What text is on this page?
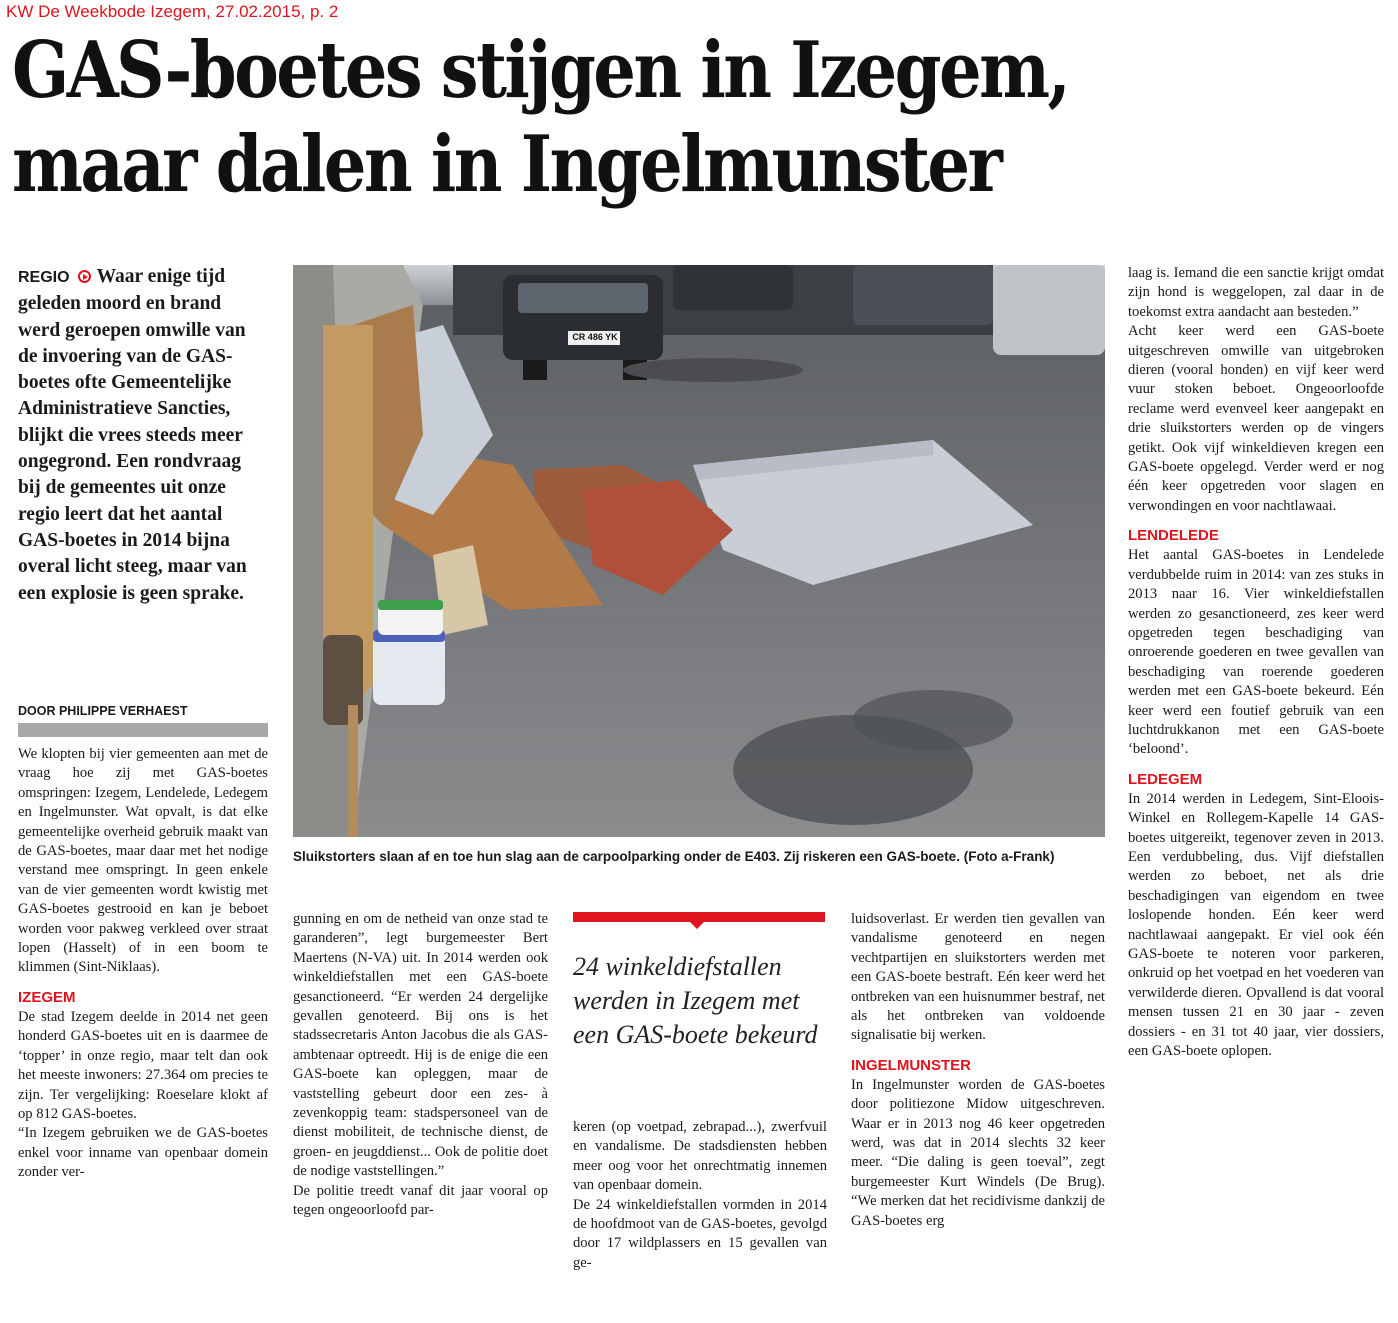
KW De Weekbode Izegem, 27.02.2015, p. 2
GAS-boetes stijgen in Izegem,
maar dalen in Ingelmunster
REGIO Waar enige tijd geleden moord en brand werd geroepen omwille van de invoering van de GAS-boetes ofte Gemeentelijke Administratieve Sancties, blijkt die vrees steeds meer ongegrond. Een rondvraag bij de gemeentes uit onze regio leert dat het aantal GAS-boetes in 2014 bijna overal licht steeg, maar van een explosie is geen sprake.
DOOR PHILIPPE VERHAEST
CR 486 YK
Sluikstorters slaan af en toe hun slag aan de carpoolparking onder de E403. Zij riskeren een GAS-boete. (Foto a-Frank)
24 winkeldiefstallen werden in Izegem met een GAS-boete bekeurd

We klopten bij vier gemeenten aan met de vraag hoe zij met GAS-boetes omspringen: Izegem, Lendelede, Ledegem en Ingelmunster. Wat opvalt, is dat elke gemeentelijke overheid gebruik maakt van de GAS-boetes, maar daar met het nodige verstand mee omspringt. In geen enkele van de vier gemeenten wordt kwistig met GAS-boetes gestrooid en kan je beboet worden voor pakweg verkleed over straat lopen (Hasselt) of in een boom te klimmen (Sint-Niklaas).

IZEGEM

De stad Izegem deelde in 2014 net geen honderd GAS-boetes uit en is daarmee de ‘topper’ in onze regio, maar telt dan ook het meeste inwoners: 27.364 om precies te zijn. Ter vergelijking: Roeselare klokt af op 812 GAS-boetes.

“In Izegem gebruiken we de GAS-boetes enkel voor inname van openbaar domein zonder ver-

gunning en om de netheid van onze stad te garanderen”, legt burgemeester Bert Maertens (N-VA) uit. In 2014 werden ook winkeldiefstallen met een GAS-boete gesanctioneerd. “Er werden 24 dergelijke gevallen genoteerd. Bij ons is het stadssecretaris Anton Jacobus die als GAS-ambtenaar optreedt. Hij is de enige die een GAS-boete kan opleggen, maar de vaststelling gebeurt door een zes- à zevenkoppig team: stadspersoneel van de dienst mobiliteit, de technische dienst, de groen- en jeugddienst... Ook de politie doet de nodige vaststellingen.”

De politie treedt vanaf dit jaar vooral op tegen ongeoorloofd par-

keren (op voetpad, zebrapad...), zwerfvuil en vandalisme. De stadsdiensten hebben meer oog voor het onrechtmatig innemen van openbaar domein.

De 24 winkeldiefstallen vormden in 2014 de hoofdmoot van de GAS-boetes, gevolgd door 17 wildplassers en 15 gevallen van ge-

luidsoverlast. Er werden tien gevallen van vandalisme genoteerd en negen vechtpartijen en sluikstorters werden met een GAS-boete bestraft. Eén keer werd het ontbreken van een huisnummer bestraf, net als het ontbreken van voldoende signalisatie bij werken.

INGELMUNSTER

In Ingelmunster worden de GAS-boetes door politiezone Midow uitgeschreven. Waar er in 2013 nog 46 keer opgetreden werd, was dat in 2014 slechts 32 keer meer. “Die daling is geen toeval”, zegt burgemeester Kurt Windels (De Brug). “We merken dat het recidivisme dankzij de GAS-boetes erg

laag is. Iemand die een sanctie krijgt omdat zijn hond is weggelopen, zal daar in de toekomst extra aandacht aan besteden.”

Acht keer werd een GAS-boete uitgeschreven omwille van uitgebroken dieren (vooral honden) en vijf keer werd vuur stoken beboet. Ongeoorloofde reclame werd evenveel keer aangepakt en drie sluikstorters werden op de vingers getikt. Ook vijf winkeldieven kregen een GAS-boete opgelegd. Verder werd er nog één keer opgetreden voor slagen en verwondingen en voor nachtlawaai.

LENDELEDE

Het aantal GAS-boetes in Lendelede verdubbelde ruim in 2014: van zes stuks in 2013 naar 16. Vier winkeldiefstallen werden zo gesanctioneerd, zes keer werd opgetreden tegen beschadiging van onroerende goederen en twee gevallen van beschadiging van roerende goederen werden met een GAS-boete bekeurd. Eén keer werd een foutief gebruik van een luchtdrukkanon met een GAS-boete ‘beloond’.

LEDEGEM

In 2014 werden in Ledegem, Sint-Eloois-Winkel en Rollegem-Kapelle 14 GAS-boetes uitgereikt, tegenover zeven in 2013. Een verdubbeling, dus. Vijf diefstallen werden zo beboet, net als drie beschadigingen van eigendom en twee loslopende honden. Eén keer werd nachtlawaai aangepakt. Er viel ook één GAS-boete te noteren voor parkeren, onkruid op het voetpad en het voederen van verwilderde dieren. Opvallend is dat vooral mensen tussen 21 en 30 jaar - zeven dossiers - en 31 tot 40 jaar, vier dossiers, een GAS-boete oplopen.
